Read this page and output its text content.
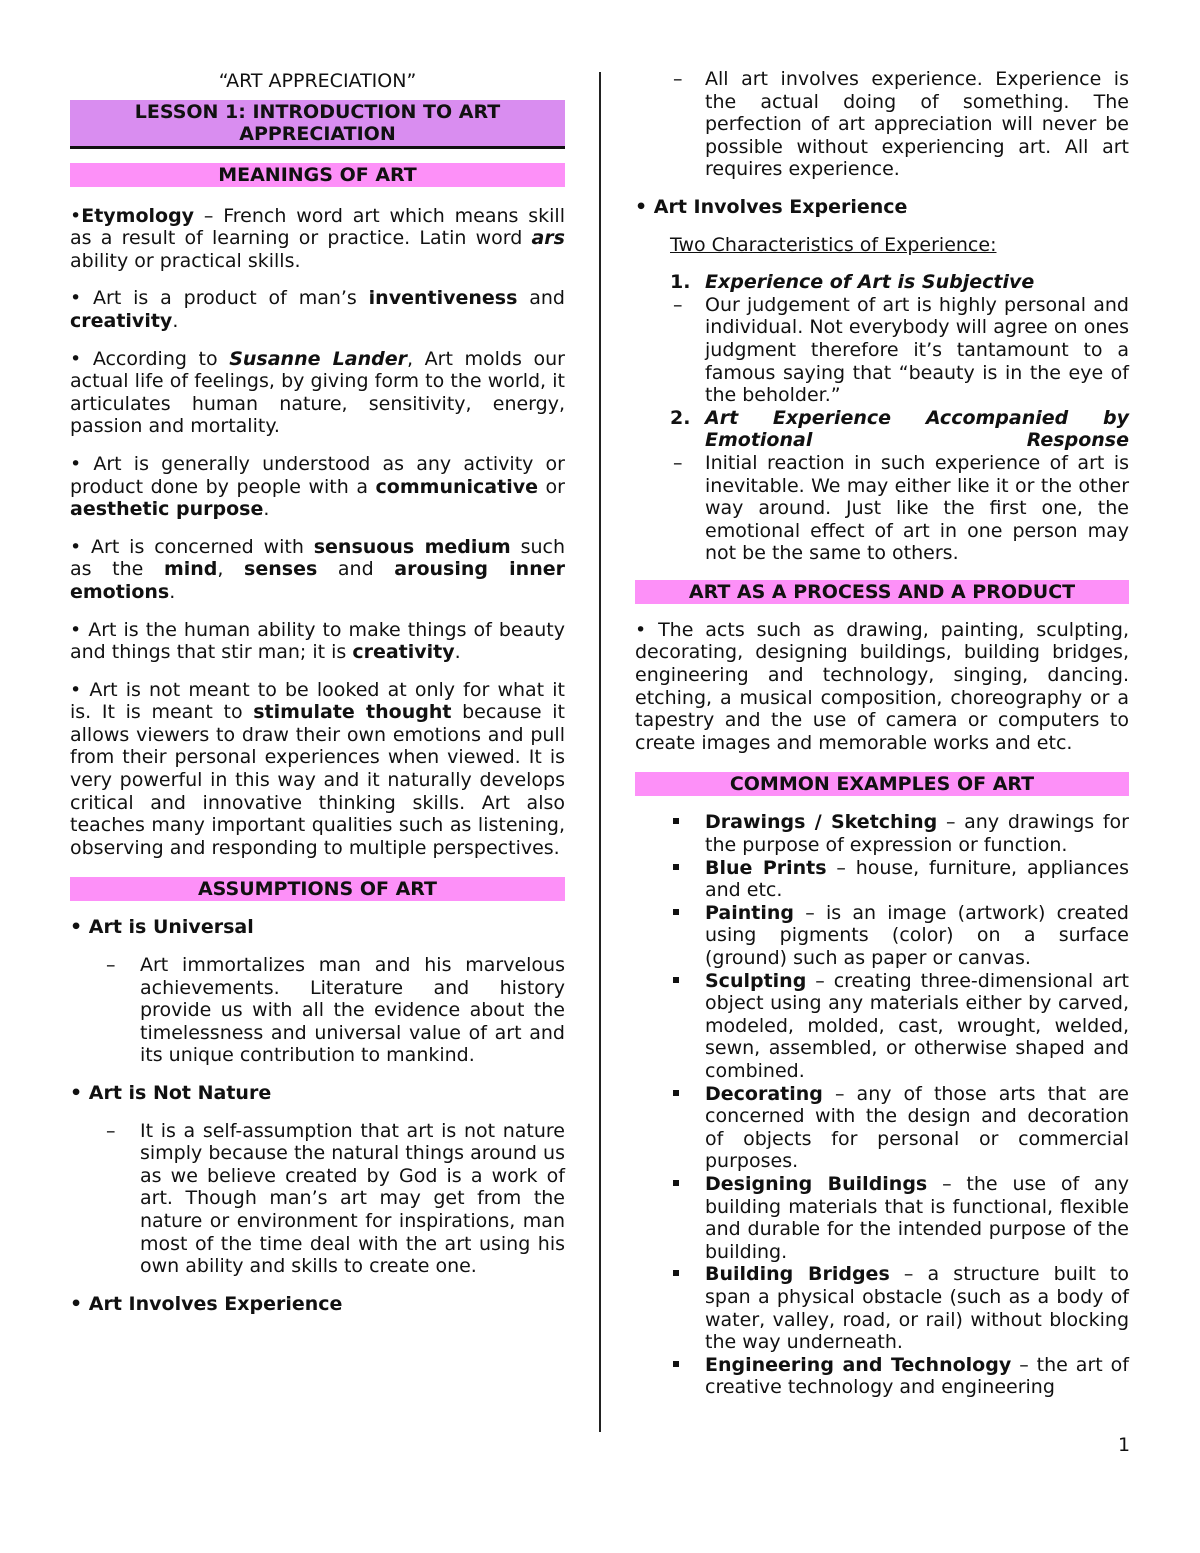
“ART APPRECIATION”
LESSON 1: INTRODUCTION TO ART APPRECIATION
MEANINGS OF ART

•Etymology – French word art which means skill as a result of learning or practice. Latin word ars ability or practical skills.

• Art is a product of man’s inventiveness and creativity.

• According to Susanne Lander, Art molds our actual life of feelings, by giving form to the world, it articulates human nature, sensitivity, energy, passion and mortality.

• Art is generally understood as any activity or product done by people with a communicative or aesthetic purpose.

• Art is concerned with sensuous medium such as the mind, senses and arousing inner emotions.

• Art is the human ability to make things of beauty and things that stir man; it is creativity.

• Art is not meant to be looked at only for what it is. It is meant to stimulate thought because it allows viewers to draw their own emotions and pull from their personal experiences when viewed. It is very powerful in this way and it naturally develops critical and innovative thinking skills. Art also teaches many important qualities such as listening, observing and responding to multiple perspectives.

ASSUMPTIONS OF ART

• Art is Universal

– Art immortalizes man and his marvelous achievements. Literature and history provide us with all the evidence about the timelessness and universal value of art and its unique contribution to mankind.

• Art is Not Nature

– It is a self-assumption that art is not nature simply because the natural things around us as we believe created by God is a work of art. Though man’s art may get from the nature or environment for inspirations, man most of the time deal with the art using his own ability and skills to create one.

• Art Involves Experience

– All art involves experience. Experience is the actual doing of something. The perfection of art appreciation will never be possible without experiencing art. All art requires experience.

• Art Involves Experience

Two Characteristics of Experience:

1. Experience of Art is Subjective
– Our judgement of art is highly personal and individual. Not everybody will agree on ones judgment therefore it’s tantamount to a famous saying that “beauty is in the eye of the beholder.”
2. Art Experience Accompanied by Emotional Response
– Initial reaction in such experience of art is inevitable. We may either like it or the other way around. Just like the first one, the emotional effect of art in one person may not be the same to others.
ART AS A PROCESS AND A PRODUCT

• The acts such as drawing, painting, sculpting, decorating, designing buildings, building bridges, engineering and technology, singing, dancing. etching, a musical composition, choreography or a tapestry and the use of camera or computers to create images and memorable works and etc.

COMMON EXAMPLES OF ART
Drawings / Sketching – any drawings for the purpose of expression or function.
Blue Prints – house, furniture, appliances and etc.
Painting – is an image (artwork) created using pigments (color) on a surface (ground) such as paper or canvas.
Sculpting – creating three-dimensional art object using any materials either by carved, modeled, molded, cast, wrought, welded, sewn, assembled, or otherwise shaped and combined.
Decorating – any of those arts that are concerned with the design and decoration of objects for personal or commercial purposes.
Designing Buildings – the use of any building materials that is functional, flexible and durable for the intended purpose of the building.
Building Bridges – a structure built to span a physical obstacle (such as a body of water, valley, road, or rail) without blocking the way underneath.
Engineering and Technology – the art of creative technology and engineering
1
